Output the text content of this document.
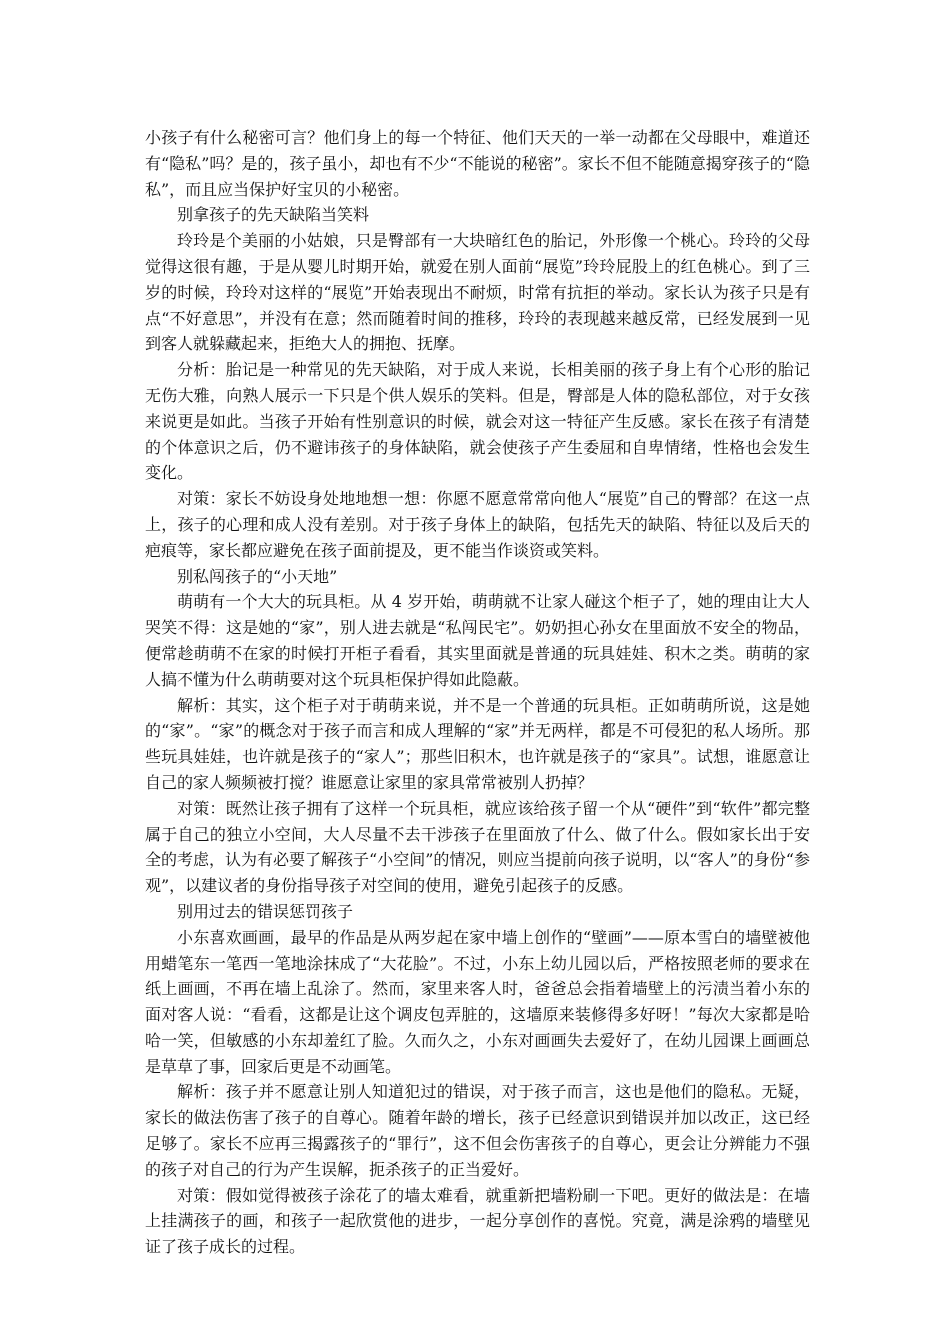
小孩子有什么秘密可言？他们身上的每一个特征、他们天天的一举一动都在父母眼中，难道还有“隐私”吗？是的，孩子虽小，却也有不少“不能说的秘密”。家长不但不能随意揭穿孩子的“隐私”，而且应当保护好宝贝的小秘密。

别拿孩子的先天缺陷当笑料

玲玲是个美丽的小姑娘，只是臀部有一大块暗红色的胎记，外形像一个桃心。玲玲的父母觉得这很有趣，于是从婴儿时期开始，就爱在别人面前“展览”玲玲屁股上的红色桃心。到了三岁的时候，玲玲对这样的“展览”开始表现出不耐烦，时常有抗拒的举动。家长认为孩子只是有点“不好意思”，并没有在意；然而随着时间的推移，玲玲的表现越来越反常，已经发展到一见到客人就躲藏起来，拒绝大人的拥抱、抚摩。

分析：胎记是一种常见的先天缺陷，对于成人来说，长相美丽的孩子身上有个心形的胎记无伤大雅，向熟人展示一下只是个供人娱乐的笑料。但是，臀部是人体的隐私部位，对于女孩来说更是如此。当孩子开始有性别意识的时候，就会对这一特征产生反感。家长在孩子有清楚的个体意识之后，仍不避讳孩子的身体缺陷，就会使孩子产生委屈和自卑情绪，性格也会发生变化。

对策：家长不妨设身处地地想一想：你愿不愿意常常向他人“展览”自己的臀部？在这一点上，孩子的心理和成人没有差别。对于孩子身体上的缺陷，包括先天的缺陷、特征以及后天的疤痕等，家长都应避免在孩子面前提及，更不能当作谈资或笑料。

别私闯孩子的“小天地”

萌萌有一个大大的玩具柜。从 4 岁开始，萌萌就不让家人碰这个柜子了，她的理由让大人哭笑不得：这是她的“家”，别人进去就是“私闯民宅”。奶奶担心孙女在里面放不安全的物品，便常趁萌萌不在家的时候打开柜子看看，其实里面就是普通的玩具娃娃、积木之类。萌萌的家人搞不懂为什么萌萌要对这个玩具柜保护得如此隐蔽。

解析：其实，这个柜子对于萌萌来说，并不是一个普通的玩具柜。正如萌萌所说，这是她的“家”。“家”的概念对于孩子而言和成人理解的“家”并无两样，都是不可侵犯的私人场所。那些玩具娃娃，也许就是孩子的“家人”；那些旧积木，也许就是孩子的“家具”。试想，谁愿意让自己的家人频频被打搅？谁愿意让家里的家具常常被别人扔掉？

对策：既然让孩子拥有了这样一个玩具柜，就应该给孩子留一个从“硬件”到“软件”都完整属于自己的独立小空间，大人尽量不去干涉孩子在里面放了什么、做了什么。假如家长出于安全的考虑，认为有必要了解孩子“小空间”的情况，则应当提前向孩子说明，以“客人”的身份“参观”，以建议者的身份指导孩子对空间的使用，避免引起孩子的反感。

别用过去的错误惩罚孩子

小东喜欢画画，最早的作品是从两岁起在家中墙上创作的“壁画”——原本雪白的墙壁被他用蜡笔东一笔西一笔地涂抹成了“大花脸”。不过，小东上幼儿园以后，严格按照老师的要求在纸上画画，不再在墙上乱涂了。然而，家里来客人时，爸爸总会指着墙壁上的污渍当着小东的面对客人说：“看看，这都是让这个调皮包弄脏的，这墙原来装修得多好呀！”每次大家都是哈哈一笑，但敏感的小东却羞红了脸。久而久之，小东对画画失去爱好了，在幼儿园课上画画总是草草了事，回家后更是不动画笔。

解析：孩子并不愿意让别人知道犯过的错误，对于孩子而言，这也是他们的隐私。无疑，家长的做法伤害了孩子的自尊心。随着年龄的增长，孩子已经意识到错误并加以改正，这已经足够了。家长不应再三揭露孩子的“罪行”，这不但会伤害孩子的自尊心，更会让分辨能力不强的孩子对自己的行为产生误解，扼杀孩子的正当爱好。

对策：假如觉得被孩子涂花了的墙太难看，就重新把墙粉刷一下吧。更好的做法是：在墙上挂满孩子的画，和孩子一起欣赏他的进步，一起分享创作的喜悦。究竟，满是涂鸦的墙壁见证了孩子成长的过程。
